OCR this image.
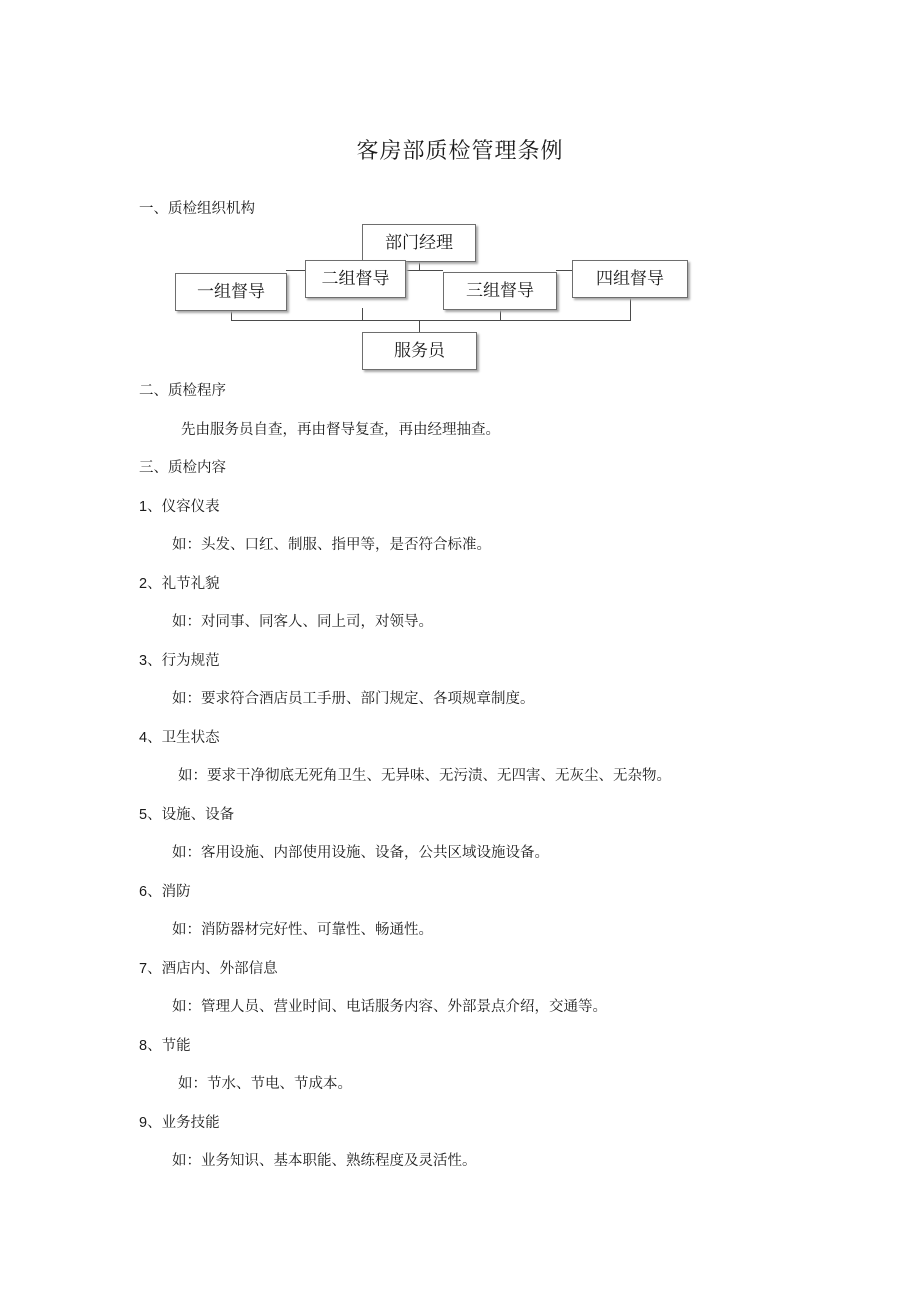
客房部质检管理条例
一、质检组织机构
部门经理
一组督导
二组督导
三组督导
四组督导
服务员
二、质检程序
先由服务员自查，再由督导复查，再由经理抽查。
三、质检内容
1、仪容仪表
如：头发、口红、制服、指甲等，是否符合标准。
2、礼节礼貌
如：对同事、同客人、同上司，对领导。
3、行为规范
如：要求符合酒店员工手册、部门规定、各项规章制度。
4、卫生状态
如：要求干净彻底无死角卫生、无异味、无污渍、无四害、无灰尘、无杂物。
5、设施、设备
如：客用设施、内部使用设施、设备，公共区域设施设备。
6、消防
如：消防器材完好性、可靠性、畅通性。
7、酒店内、外部信息
如：管理人员、营业时间、电话服务内容、外部景点介绍，交通等。
8、节能
如：节水、节电、节成本。
9、业务技能
如：业务知识、基本职能、熟练程度及灵活性。
